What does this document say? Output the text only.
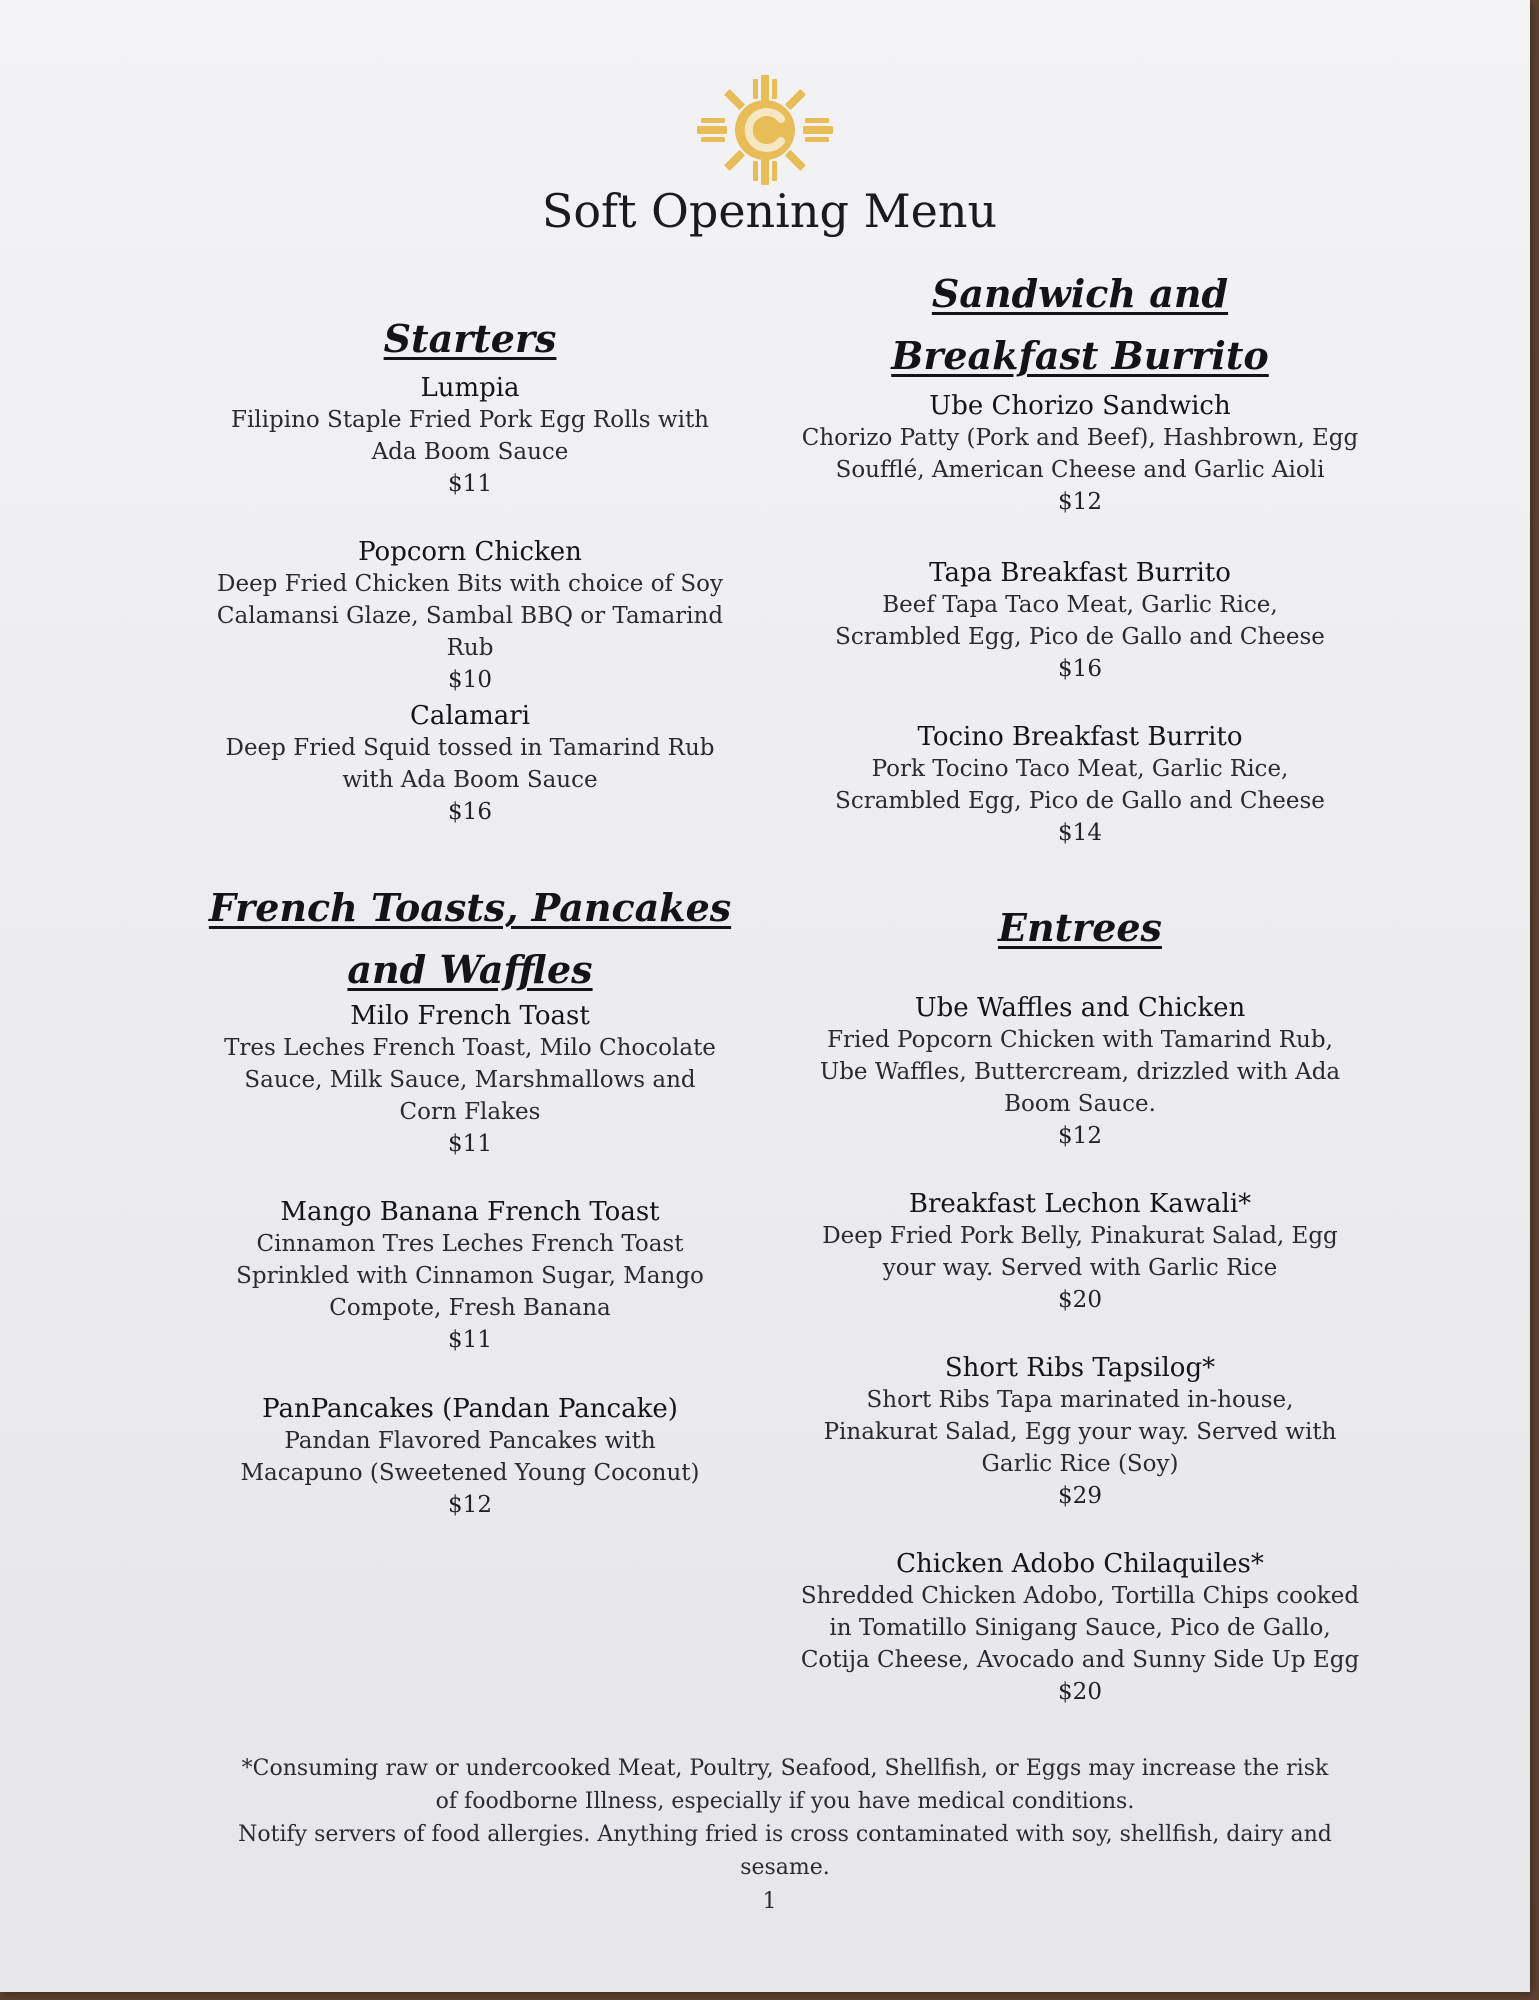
Soft Opening Menu
Starters
Lumpia
Filipino Staple Fried Pork Egg Rolls with Ada Boom Sauce
$11
Popcorn Chicken
Deep Fried Chicken Bits with choice of Soy Calamansi Glaze, Sambal BBQ or Tamarind Rub
$10
Calamari
Deep Fried Squid tossed in Tamarind Rub with Ada Boom Sauce
$16
French Toasts, Pancakes and Waffles
Milo French Toast
Tres Leches French Toast, Milo Chocolate Sauce, Milk Sauce, Marshmallows and Corn Flakes
$11
Mango Banana French Toast
Cinnamon Tres Leches French Toast Sprinkled with Cinnamon Sugar, Mango Compote, Fresh Banana
$11
PanPancakes (Pandan Pancake)
Pandan Flavored Pancakes with Macapuno (Sweetened Young Coconut)
$12
Sandwich and Breakfast Burrito
Ube Chorizo Sandwich
Chorizo Patty (Pork and Beef), Hashbrown, Egg Soufflé, American Cheese and Garlic Aioli
$12
Tapa Breakfast Burrito
Beef Tapa Taco Meat, Garlic Rice, Scrambled Egg, Pico de Gallo and Cheese
$16
Tocino Breakfast Burrito
Pork Tocino Taco Meat, Garlic Rice, Scrambled Egg, Pico de Gallo and Cheese
$14
Entrees
Ube Waffles and Chicken
Fried Popcorn Chicken with Tamarind Rub, Ube Waffles, Buttercream, drizzled with Ada Boom Sauce.
$12
Breakfast Lechon Kawali*
Deep Fried Pork Belly, Pinakurat Salad, Egg your way. Served with Garlic Rice
$20
Short Ribs Tapsilog*
Short Ribs Tapa marinated in-house, Pinakurat Salad, Egg your way. Served with Garlic Rice (Soy)
$29
Chicken Adobo Chilaquiles*
Shredded Chicken Adobo, Tortilla Chips cooked in Tomatillo Sinigang Sauce, Pico de Gallo, Cotija Cheese, Avocado and Sunny Side Up Egg
$20
*Consuming raw or undercooked Meat, Poultry, Seafood, Shellfish, or Eggs may increase the risk of foodborne Illness, especially if you have medical conditions.
Notify servers of food allergies. Anything fried is cross contaminated with soy, shellfish, dairy and sesame.
1
